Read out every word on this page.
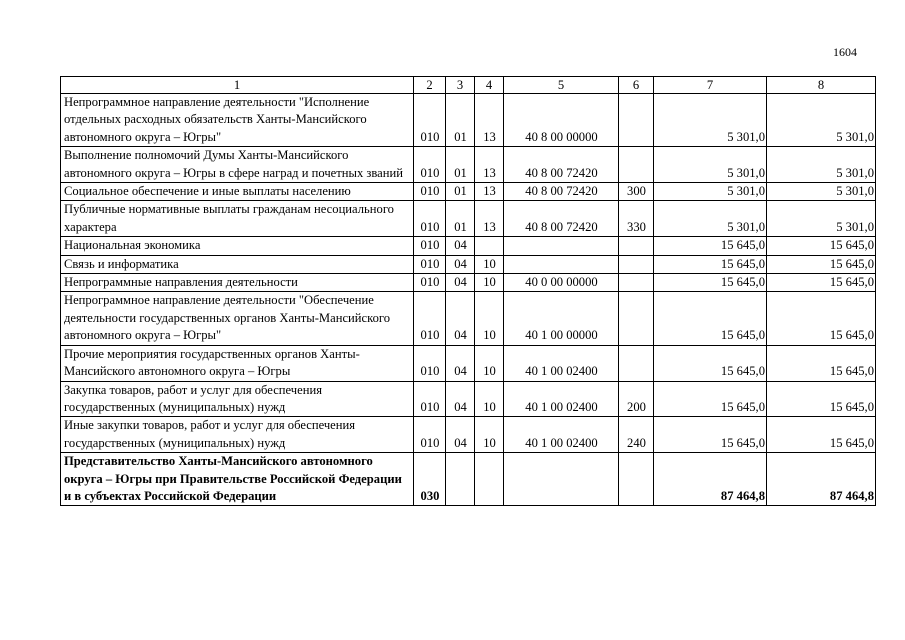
1604
1	2	3	4	5	6	7	8
Непрограммное направление деятельности "Исполнение отдельных расходных обязательств Ханты-Мансийского автономного округа – Югры"	010	01	13	40 8 00 00000		5 301,0	5 301,0
Выполнение полномочий Думы Ханты-Мансийского автономного округа – Югры в сфере наград и почетных званий	010	01	13	40 8 00 72420		5 301,0	5 301,0
Социальное обеспечение и иные выплаты населению	010	01	13	40 8 00 72420	300	5 301,0	5 301,0
Публичные нормативные выплаты гражданам несоциального характера	010	01	13	40 8 00 72420	330	5 301,0	5 301,0
Национальная экономика	010	04				15 645,0	15 645,0
Связь и информатика	010	04	10			15 645,0	15 645,0
Непрограммные направления деятельности	010	04	10	40 0 00 00000		15 645,0	15 645,0
Непрограммное направление деятельности "Обеспечение деятельности государственных органов Ханты-Мансийского автономного округа – Югры"	010	04	10	40 1 00 00000		15 645,0	15 645,0
Прочие мероприятия государственных органов Ханты-Мансийского автономного округа – Югры	010	04	10	40 1 00 02400		15 645,0	15 645,0
Закупка товаров, работ и услуг для обеспечения государственных (муниципальных) нужд	010	04	10	40 1 00 02400	200	15 645,0	15 645,0
Иные закупки товаров, работ и услуг для обеспечения государственных (муниципальных) нужд	010	04	10	40 1 00 02400	240	15 645,0	15 645,0
Представительство Ханты-Мансийского автономного округа – Югры при Правительстве Российской Федерации и в субъектах Российской Федерации	030					87 464,8	87 464,8
